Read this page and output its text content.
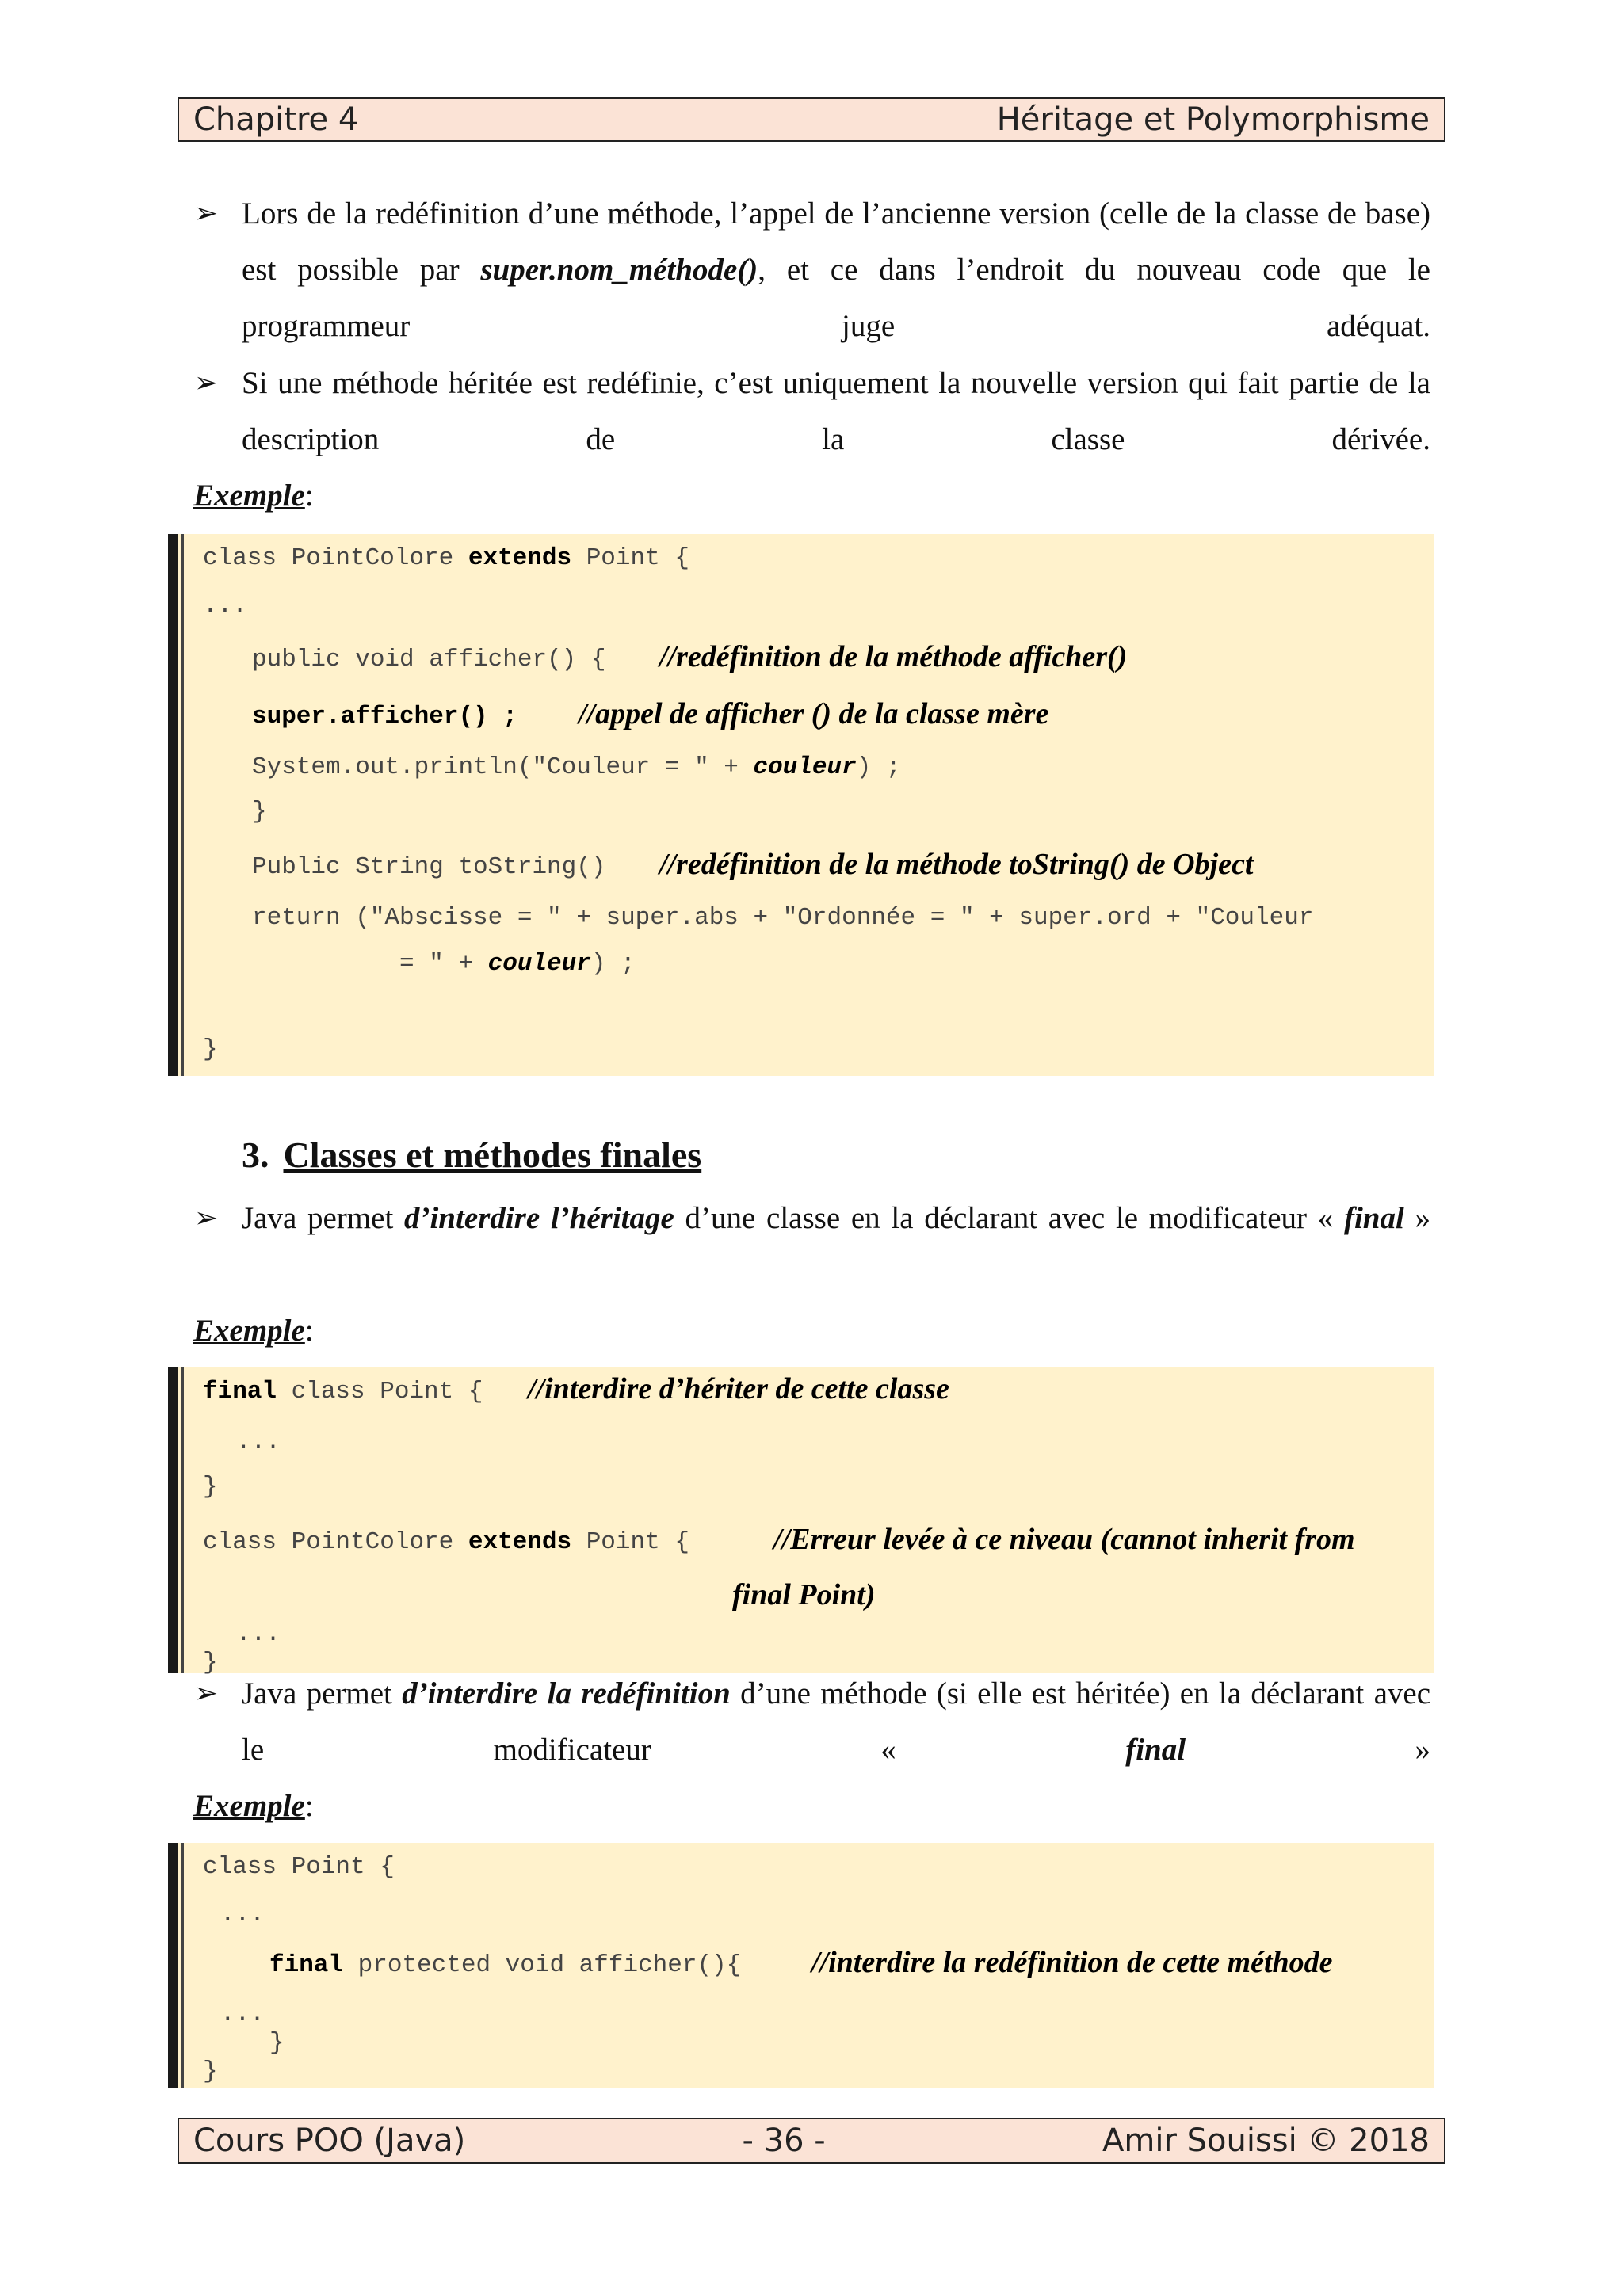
Chapitre 4	Héritage et Polymorphisme
➢ Lors de la redéfinition d’une méthode, l’appel de l’ancienne version (celle de la classe de base) est possible par super.nom_méthode(), et ce dans l’endroit du nouveau code que le programmeur juge adéquat.
➢ Si une méthode héritée est redéfinie, c’est uniquement la nouvelle version qui fait partie de la description de la classe dérivée.
Exemple:
class PointColore extends Point {
...
public void afficher() { //redéfinition de la méthode afficher()
super.afficher() ; //appel de afficher () de la classe mère
System.out.println("Couleur = " + couleur) ;
}
Public String toString() //redéfinition de la méthode toString() de Object
return ("Abscisse = " + super.abs + "Ordonnée = " + super.ord + "Couleur
= " + couleur) ;
}
3. Classes et méthodes finales
➢ Java permet d’interdire l’héritage d’une classe en la déclarant avec le modificateur « final »
Exemple:
final class Point { //interdire d’hériter de cette classe
...
}
class PointColore extends Point {	//Erreur levée à ce niveau (cannot inherit from
final Point)
...
}
➢ Java permet d’interdire la redéfinition d’une méthode (si elle est héritée) en la déclarant avec le modificateur « final »
Exemple:
class Point {
...
final protected void afficher(){ //interdire la redéfinition de cette méthode
...
}
}
Cours POO (Java)	- 36 -	Amir Souissi © 2018
